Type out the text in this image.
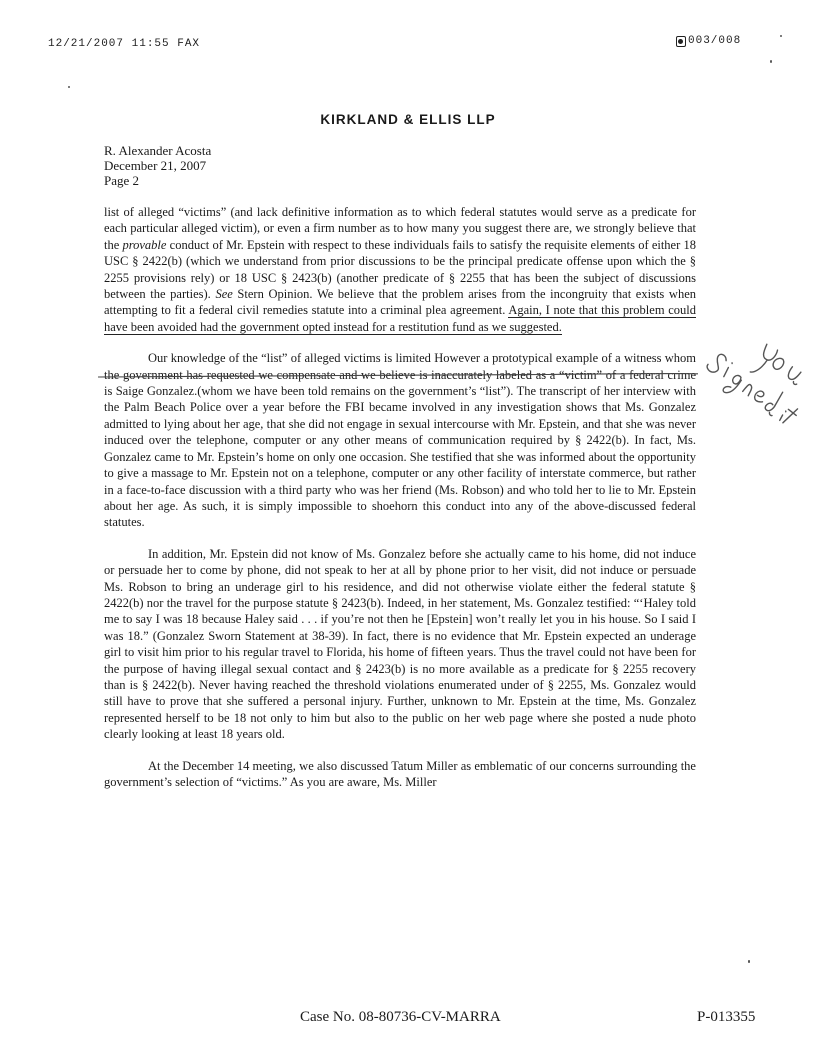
12/21/2007 11:55 FAX	003/008
KIRKLAND & ELLIS LLP
R. Alexander Acosta
December 21, 2007
Page 2

list of alleged “victims” (and lack definitive information as to which federal statutes would serve as a predicate for each particular alleged victim), or even a firm number as to how many you suggest there are, we strongly believe that the provable conduct of Mr. Epstein with respect to these individuals fails to satisfy the requisite elements of either 18 USC § 2422(b) (which we understand from prior discussions to be the principal predicate offense upon which the § 2255 provisions rely) or 18 USC § 2423(b) (another predicate of § 2255 that has been the subject of discussions between the parties). See Stern Opinion. We believe that the problem arises from the incongruity that exists when attempting to fit a federal civil remedies statute into a criminal plea agreement. Again, I note that this problem could have been avoided had the government opted instead for a restitution fund as we suggested.

Our knowledge of the “list” of alleged victims is limited However a prototypical example of a witness whom the government has requested we compensate and we believe is inaccurately labeled as a “victim” of a federal crime is Saige Gonzalez.(whom we have been told remains on the government’s “list”). The transcript of her interview with the Palm Beach Police over a year before the FBI became involved in any investigation shows that Ms. Gonzalez admitted to lying about her age, that she did not engage in sexual intercourse with Mr. Epstein, and that she was never induced over the telephone, computer or any other means of communication required by § 2422(b). In fact, Ms. Gonzalez came to Mr. Epstein’s home on only one occasion. She testified that she was informed about the opportunity to give a massage to Mr. Epstein not on a telephone, computer or any other facility of interstate commerce, but rather in a face-to-face discussion with a third party who was her friend (Ms. Robson) and who told her to lie to Mr. Epstein about her age. As such, it is simply impossible to shoehorn this conduct into any of the above-discussed federal statutes.

In addition, Mr. Epstein did not know of Ms. Gonzalez before she actually came to his home, did not induce or persuade her to come by phone, did not speak to her at all by phone prior to her visit, did not induce or persuade Ms. Robson to bring an underage girl to his residence, and did not otherwise violate either the federal statute § 2422(b) nor the travel for the purpose statute § 2423(b). Indeed, in her statement, Ms. Gonzalez testified: “‘Haley told me to say I was 18 because Haley said . . . if you’re not then he [Epstein] won’t really let you in his house. So I said I was 18.” (Gonzalez Sworn Statement at 38-39). In fact, there is no evidence that Mr. Epstein expected an underage girl to visit him prior to his regular travel to Florida, his home of fifteen years. Thus the travel could not have been for the purpose of having illegal sexual contact and § 2423(b) is no more available as a predicate for § 2255 recovery than is § 2422(b). Never having reached the threshold violations enumerated under of § 2255, Ms. Gonzalez would still have to prove that she suffered a personal injury. Further, unknown to Mr. Epstein at the time, Ms. Gonzalez represented herself to be 18 not only to him but also to the public on her web page where she posted a nude photo clearly looking at least 18 years old.

At the December 14 meeting, we also discussed Tatum Miller as emblematic of our concerns surrounding the government’s selection of “victims.” As you are aware, Ms. Miller

Case No. 08-80736-CV-MARRA	P-013355
